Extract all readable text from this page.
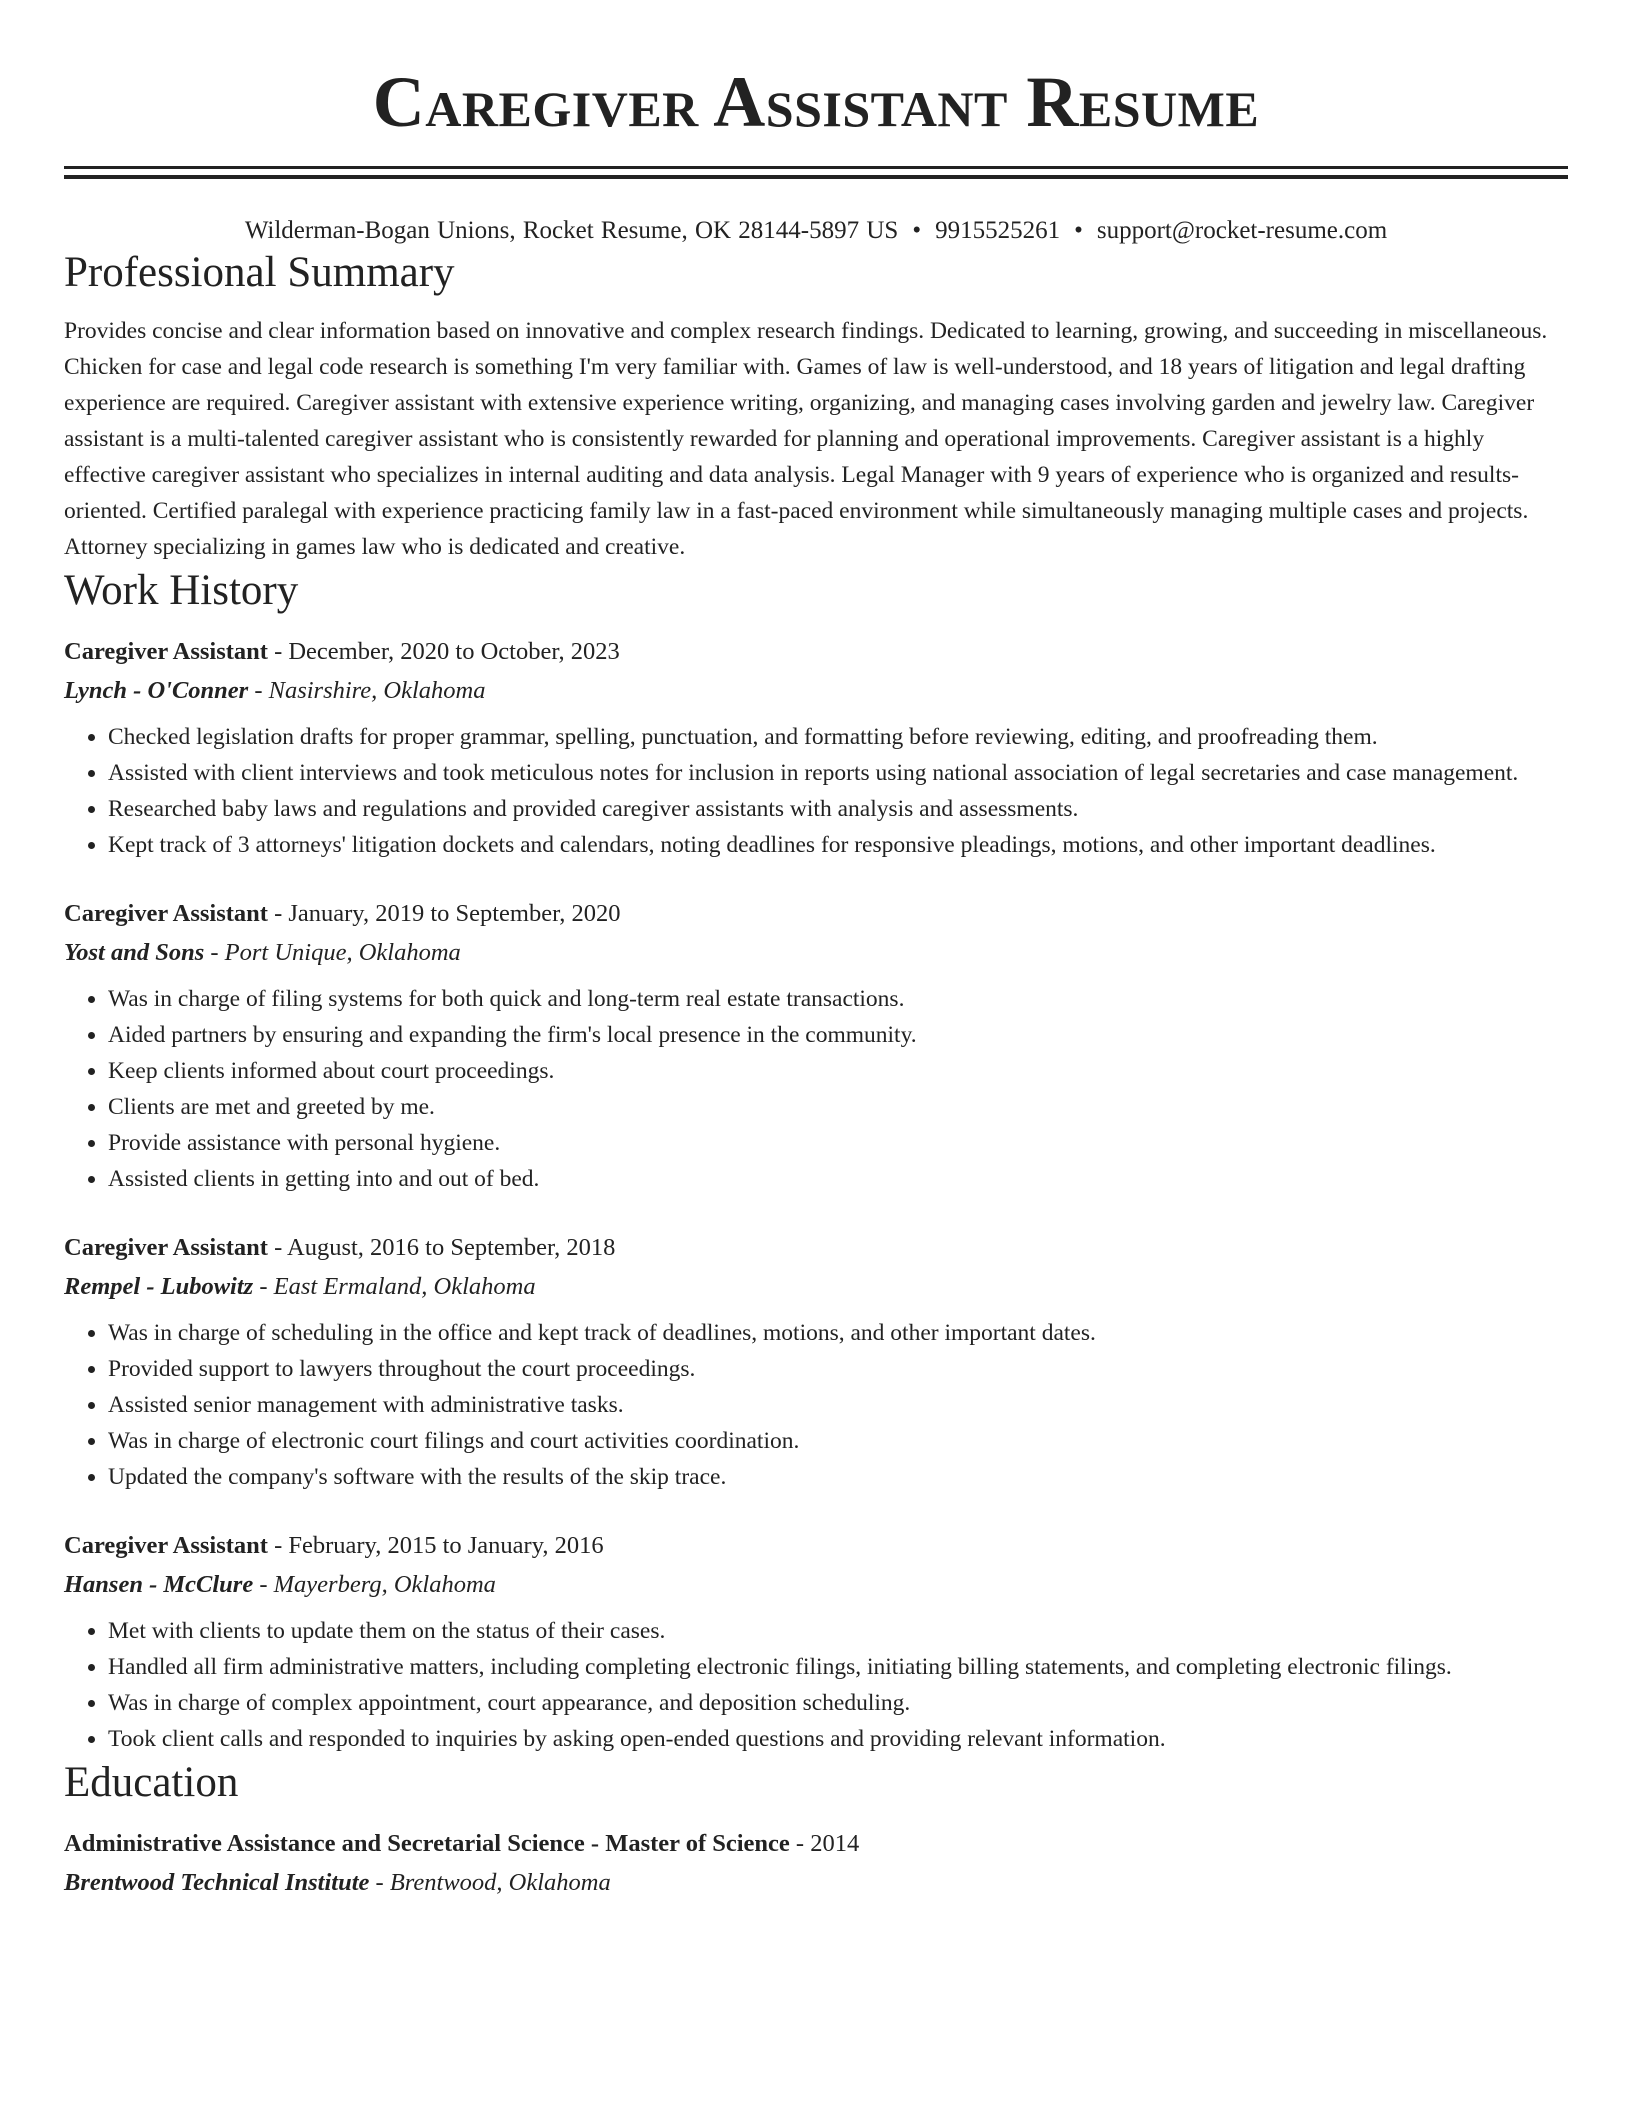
Caregiver Assistant Resume
Wilderman-Bogan Unions, Rocket Resume, OK 28144-5897 US • 9915525261 • support@rocket-resume.com
Professional Summary
Provides concise and clear information based on innovative and complex research findings. Dedicated to learning, growing, and succeeding in miscellaneous. Chicken for case and legal code research is something I'm very familiar with. Games of law is well-understood, and 18 years of litigation and legal drafting experience are required. Caregiver assistant with extensive experience writing, organizing, and managing cases involving garden and jewelry law. Caregiver assistant is a multi-talented caregiver assistant who is consistently rewarded for planning and operational improvements. Caregiver assistant is a highly effective caregiver assistant who specializes in internal auditing and data analysis. Legal Manager with 9 years of experience who is organized and results-oriented. Certified paralegal with experience practicing family law in a fast-paced environment while simultaneously managing multiple cases and projects. Attorney specializing in games law who is dedicated and creative.
Work History
Caregiver Assistant - December, 2020 to October, 2023
Lynch - O'Conner - Nasirshire, Oklahoma
• Checked legislation drafts for proper grammar, spelling, punctuation, and formatting before reviewing, editing, and proofreading them.
• Assisted with client interviews and took meticulous notes for inclusion in reports using national association of legal secretaries and case management.
• Researched baby laws and regulations and provided caregiver assistants with analysis and assessments.
• Kept track of 3 attorneys' litigation dockets and calendars, noting deadlines for responsive pleadings, motions, and other important deadlines.
Caregiver Assistant - January, 2019 to September, 2020
Yost and Sons - Port Unique, Oklahoma
• Was in charge of filing systems for both quick and long-term real estate transactions.
• Aided partners by ensuring and expanding the firm's local presence in the community.
• Keep clients informed about court proceedings.
• Clients are met and greeted by me.
• Provide assistance with personal hygiene.
• Assisted clients in getting into and out of bed.
Caregiver Assistant - August, 2016 to September, 2018
Rempel - Lubowitz - East Ermaland, Oklahoma
• Was in charge of scheduling in the office and kept track of deadlines, motions, and other important dates.
• Provided support to lawyers throughout the court proceedings.
• Assisted senior management with administrative tasks.
• Was in charge of electronic court filings and court activities coordination.
• Updated the company's software with the results of the skip trace.
Caregiver Assistant - February, 2015 to January, 2016
Hansen - McClure - Mayerberg, Oklahoma
• Met with clients to update them on the status of their cases.
• Handled all firm administrative matters, including completing electronic filings, initiating billing statements, and completing electronic filings.
• Was in charge of complex appointment, court appearance, and deposition scheduling.
• Took client calls and responded to inquiries by asking open-ended questions and providing relevant information.
Education
Administrative Assistance and Secretarial Science - Master of Science - 2014
Brentwood Technical Institute - Brentwood, Oklahoma
